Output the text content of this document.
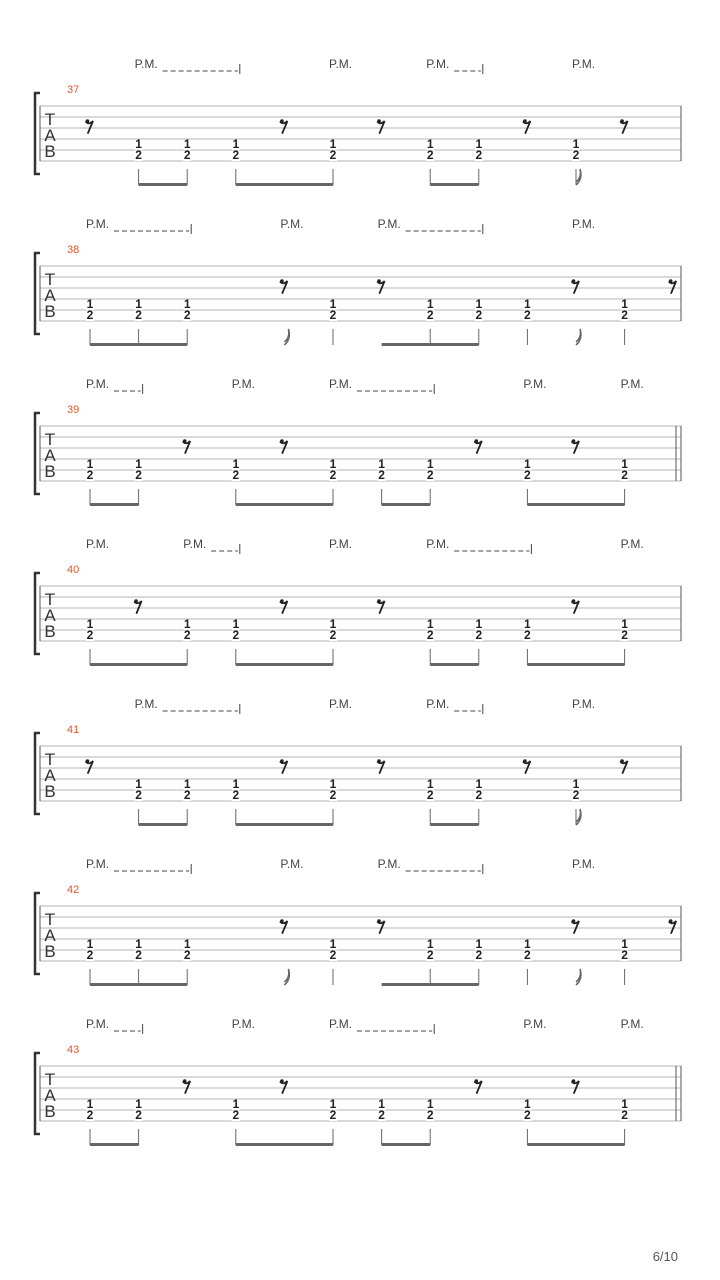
P.M.	P.M.	P.M.	P.M.
37
T
A
B	1
2
1
2
1
2
1
2
1
2
1
2
1
2
P.M.	P.M.	P.M.	P.M.
38
T
A
B	1
2
1
2
1
2
1
2
1
2
1
2
1
2
1
2
P.M.	P.M.	P.M.	P.M.	P.M.
39
T
A
B	1
2
1
2
1
2
1
2
1
2
1
2
1
2
1
2
P.M.	P.M.	P.M.	P.M.	P.M.
40
T
A
B	1
2
1
2
1
2
1
2
1
2
1
2
1
2
1
2
P.M.	P.M.	P.M.	P.M.
41
T
A
B	1
2
1
2
1
2
1
2
1
2
1
2
1
2
P.M.	P.M.	P.M.	P.M.
42
T
A
B	1
2
1
2
1
2
1
2
1
2
1
2
1
2
1
2
P.M.	P.M.	P.M.	P.M.	P.M.
43
T
A
B	1
2
1
2
1
2
1
2
1
2
1
2
1
2
1
2
6/10
